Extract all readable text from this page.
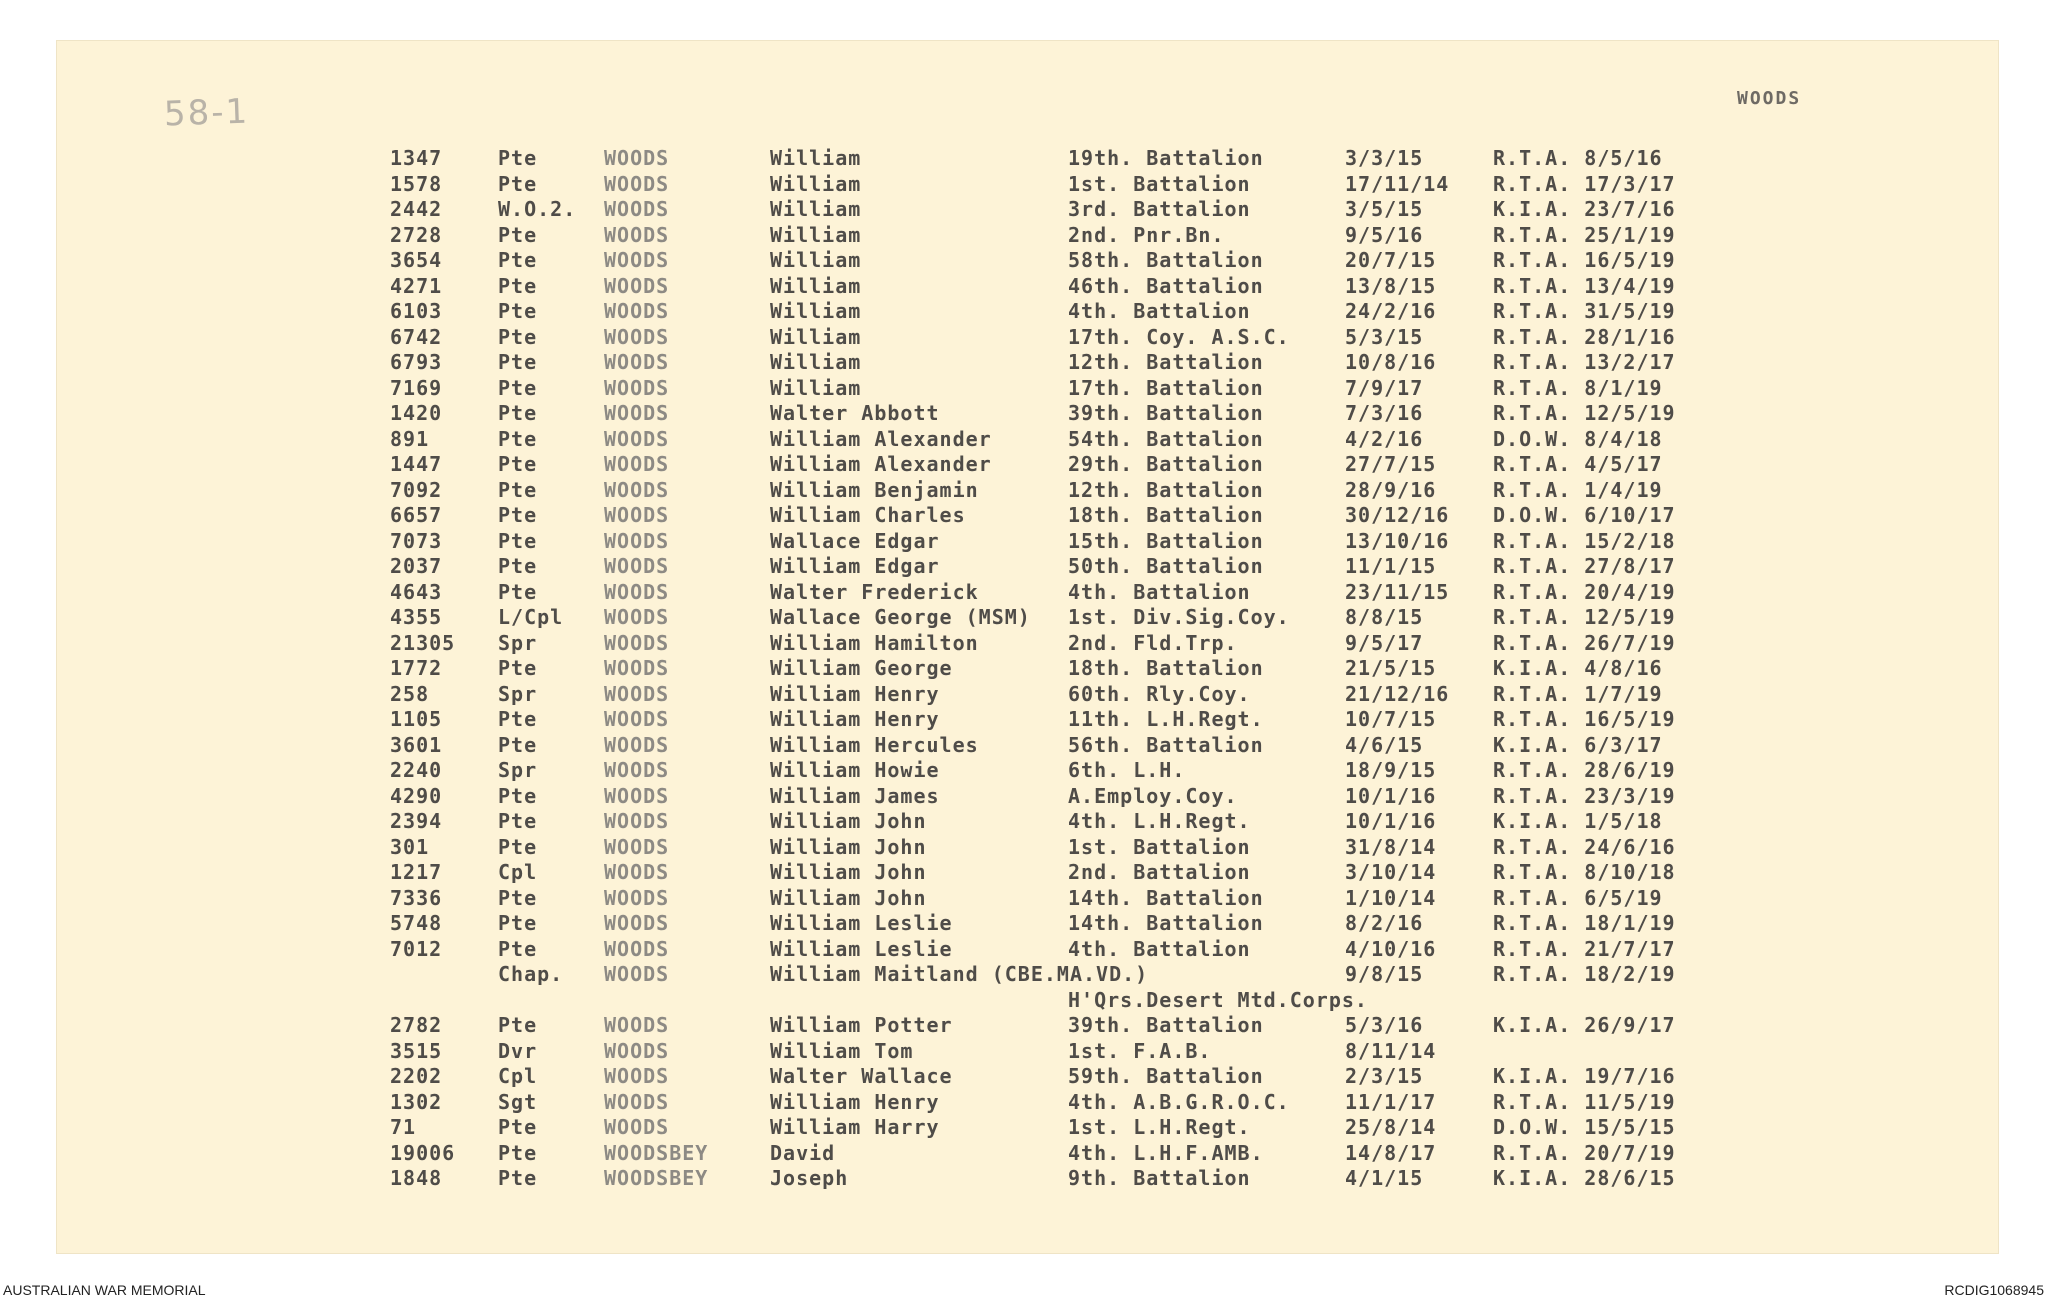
58-1	WOODS
1347	Pte	WOODS	William	19th. Battalion	3/3/15	R.T.A. 8/5/16
1578	Pte	WOODS	William	1st. Battalion	17/11/14 R.T.A. 17/3/17
2442	W.O.2. WOODS	William	3rd. Battalion	3/5/15	K.I.A. 23/7/16
2728	Pte	WOODS	William	2nd. Pnr.Bn.	9/5/16	R.T.A. 25/1/19
3654	Pte	WOODS	William	58th. Battalion	20/7/15	R.T.A. 16/5/19
4271	Pte	WOODS	William	46th. Battalion	13/8/15	R.T.A. 13/4/19
6103	Pte	WOODS	William	4th. Battalion	24/2/16	R.T.A. 31/5/19
6742	Pte	WOODS	William	17th. Coy. A.S.C.	5/3/15	R.T.A. 28/1/16
6793	Pte	WOODS	William	12th. Battalion	10/8/16	R.T.A. 13/2/17
7169	Pte	WOODS	William	17th. Battalion	7/9/17	R.T.A. 8/1/19
1420	Pte	WOODS	Walter Abbott	39th. Battalion	7/3/16	R.T.A. 12/5/19
891	Pte	WOODS	William Alexander	54th. Battalion	4/2/16	D.O.W. 8/4/18
1447	Pte	WOODS	William Alexander	29th. Battalion	27/7/15	R.T.A. 4/5/17
7092	Pte	WOODS	William Benjamin	12th. Battalion	28/9/16	R.T.A. 1/4/19
6657	Pte	WOODS	William Charles	18th. Battalion	30/12/16 D.O.W. 6/10/17
7073	Pte	WOODS	Wallace Edgar	15th. Battalion	13/10/16 R.T.A. 15/2/18
2037	Pte	WOODS	William Edgar	50th. Battalion	11/1/15	R.T.A. 27/8/17
4643	Pte	WOODS	Walter Frederick	4th. Battalion	23/11/15 R.T.A. 20/4/19
4355	L/Cpl WOODS	Wallace George (MSM) 1st. Div.Sig.Coy.	8/8/15	R.T.A. 12/5/19
21305	Spr	WOODS	William Hamilton	2nd. Fld.Trp.	9/5/17	R.T.A. 26/7/19
1772	Pte	WOODS	William George	18th. Battalion	21/5/15	K.I.A. 4/8/16
258	Spr	WOODS	William Henry	60th. Rly.Coy.	21/12/16 R.T.A. 1/7/19
1105	Pte	WOODS	William Henry	11th. L.H.Regt.	10/7/15	R.T.A. 16/5/19
3601	Pte	WOODS	William Hercules	56th. Battalion	4/6/15	K.I.A. 6/3/17
2240	Spr	WOODS	William Howie	6th. L.H.	18/9/15	R.T.A. 28/6/19
4290	Pte	WOODS	William James	A.Employ.Coy.	10/1/16	R.T.A. 23/3/19
2394	Pte	WOODS	William John	4th. L.H.Regt.	10/1/16	K.I.A. 1/5/18
301	Pte	WOODS	William John	1st. Battalion	31/8/14	R.T.A. 24/6/16
1217	Cpl	WOODS	William John	2nd. Battalion	3/10/14	R.T.A. 8/10/18
7336	Pte	WOODS	William John	14th. Battalion	1/10/14	R.T.A. 6/5/19
5748	Pte	WOODS	William Leslie	14th. Battalion	8/2/16	R.T.A. 18/1/19
7012	Pte	WOODS	William Leslie	4th. Battalion	4/10/16	R.T.A. 21/7/17
Chap. WOODS	William Maitland (CBE.MA.VD.)	9/8/15	R.T.A. 18/2/19
H'Qrs.Desert Mtd.Corps.
2782	Pte	WOODS	William Potter	39th. Battalion	5/3/16	K.I.A. 26/9/17
3515	Dvr	WOODS	William Tom	1st. F.A.B.	8/11/14
2202	Cpl	WOODS	Walter Wallace	59th. Battalion	2/3/15	K.I.A. 19/7/16
1302	Sgt	WOODS	William Henry	4th. A.B.G.R.O.C.	11/1/17	R.T.A. 11/5/19
71	Pte	WOODS	William Harry	1st. L.H.Regt.	25/8/14	D.O.W. 15/5/15
19006	Pte	WOODSBEY	David	4th. L.H.F.AMB.	14/8/17	R.T.A. 20/7/19
1848	Pte	WOODSBEY	Joseph	9th. Battalion	4/1/15	K.I.A. 28/6/15
AUSTRALIAN WAR MEMORIAL	RCDIG1068945
